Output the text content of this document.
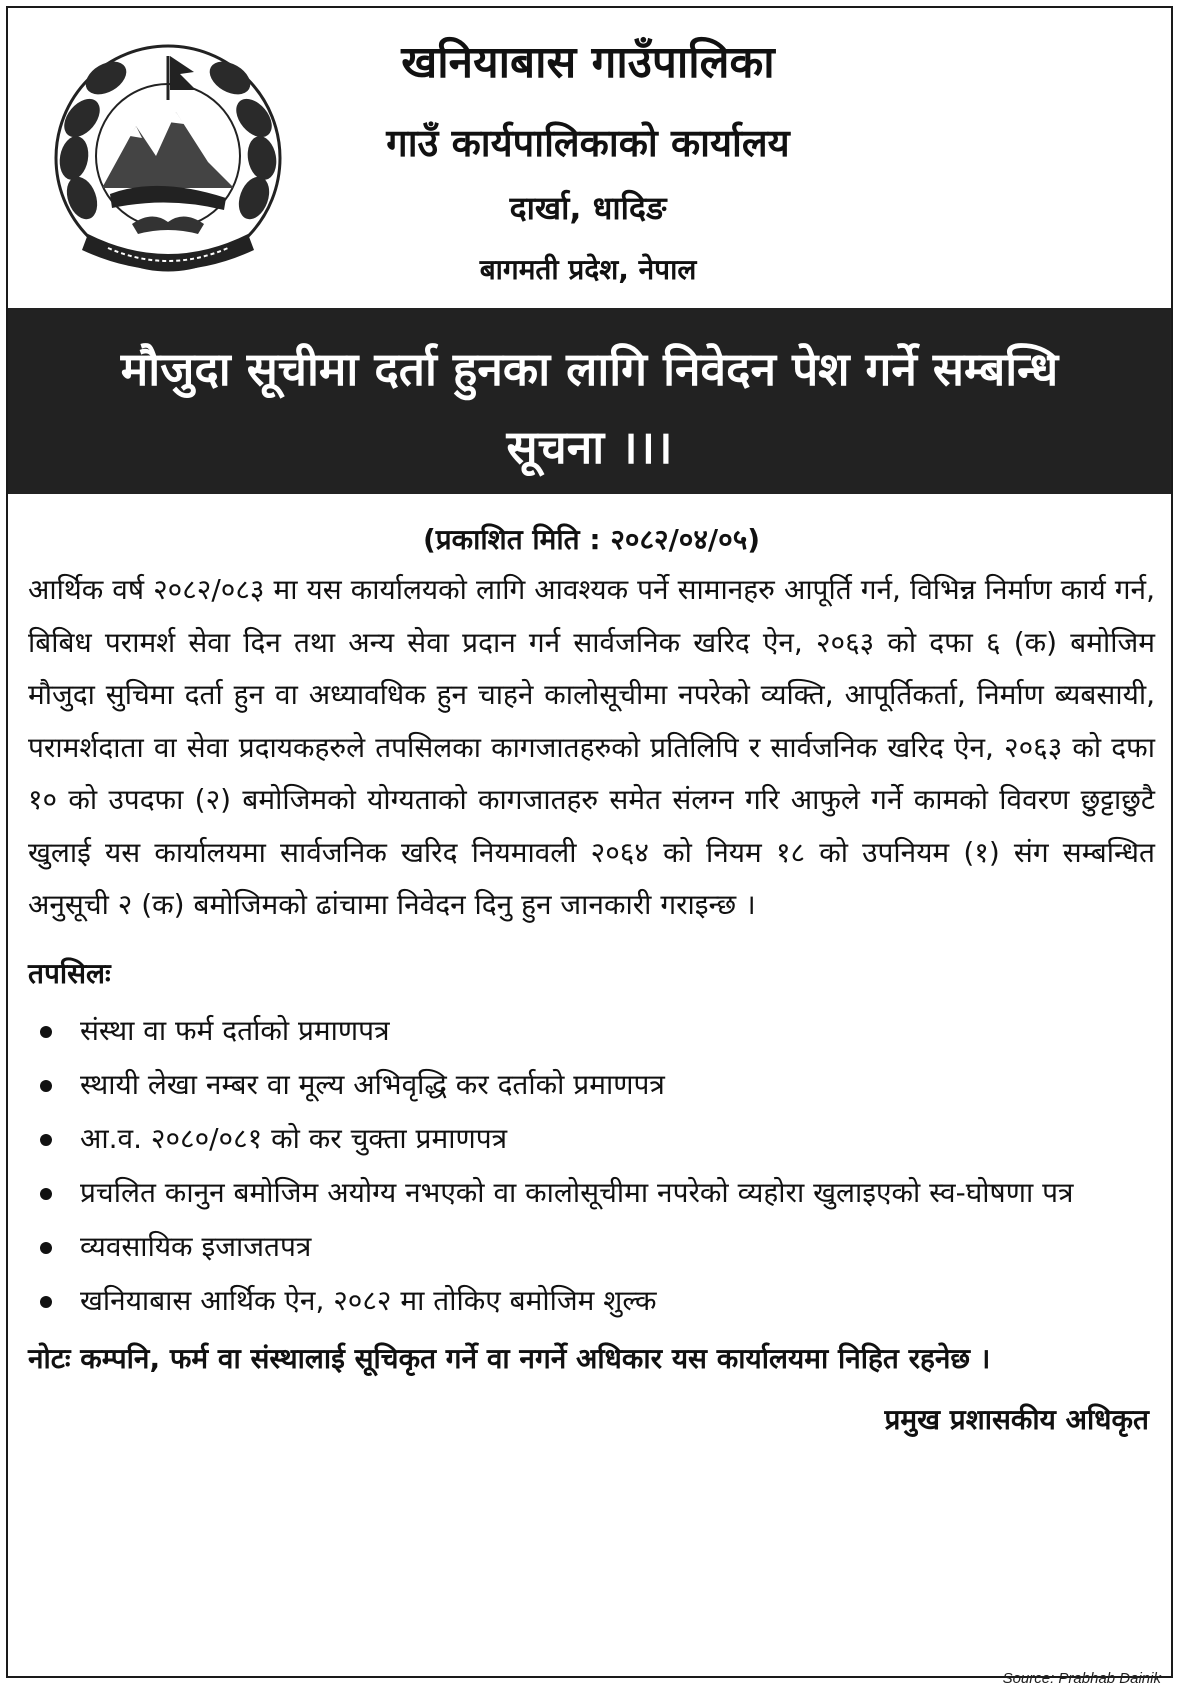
खनियाबास गाउँपालिका
गाउँ कार्यपालिकाको कार्यालय
दार्खा, धादिङ
बागमती प्रदेश, नेपाल
मौजुदा सूचीमा दर्ता हुनका लागि निवेदन पेश गर्ने सम्बन्धि
सूचना ।।।
(प्रकाशित मिति : २०८२/०४/०५)

आर्थिक वर्ष २०८२/०८३ मा यस कार्यालयको लागि आवश्यक पर्ने सामानहरु आपूर्ति गर्न, विभिन्न निर्माण कार्य गर्न, बिबिध परामर्श सेवा दिन तथा अन्य सेवा प्रदान गर्न सार्वजनिक खरिद ऐन, २०६३ को दफा ६ (क) बमोजिम मौजुदा सुचिमा दर्ता हुन वा अध्यावधिक हुन चाहने कालोसूचीमा नपरेको व्यक्ति, आपूर्तिकर्ता, निर्माण ब्यबसायी, परामर्शदाता वा सेवा प्रदायकहरुले तपसिलका कागजातहरुको प्रतिलिपि र सार्वजनिक खरिद ऐन, २०६३ को दफा १० को उपदफा (२) बमोजिमको योग्यताको कागजातहरु समेत संलग्न गरि आफुले गर्ने कामको विवरण छुट्टाछुटै खुलाई यस कार्यालयमा सार्वजनिक खरिद नियमावली २०६४ को नियम १८ को उपनियम (१) संग सम्बन्धित अनुसूची २ (क) बमोजिमको ढांचामा निवेदन दिनु हुन जानकारी गराइन्छ ।

तपसिलः
संस्था वा फर्म दर्ताको प्रमाणपत्र
स्थायी लेखा नम्बर वा मूल्य अभिवृद्धि कर दर्ताको प्रमाणपत्र
आ.व. २०८०/०८१ को कर चुक्ता प्रमाणपत्र
प्रचलित कानुन बमोजिम अयोग्य नभएको वा कालोसूचीमा नपरेको व्यहोरा खुलाइएको स्व-घोषणा पत्र
व्यवसायिक इजाजतपत्र
खनियाबास आर्थिक ऐन, २०८२ मा तोकिए बमोजिम शुल्क
नोटः कम्पनि, फर्म वा संस्थालाई सूचिकृत गर्ने वा नगर्ने अधिकार यस कार्यालयमा निहित रहनेछ ।
प्रमुख प्रशासकीय अधिकृत
Source: Prabhab Dainik
